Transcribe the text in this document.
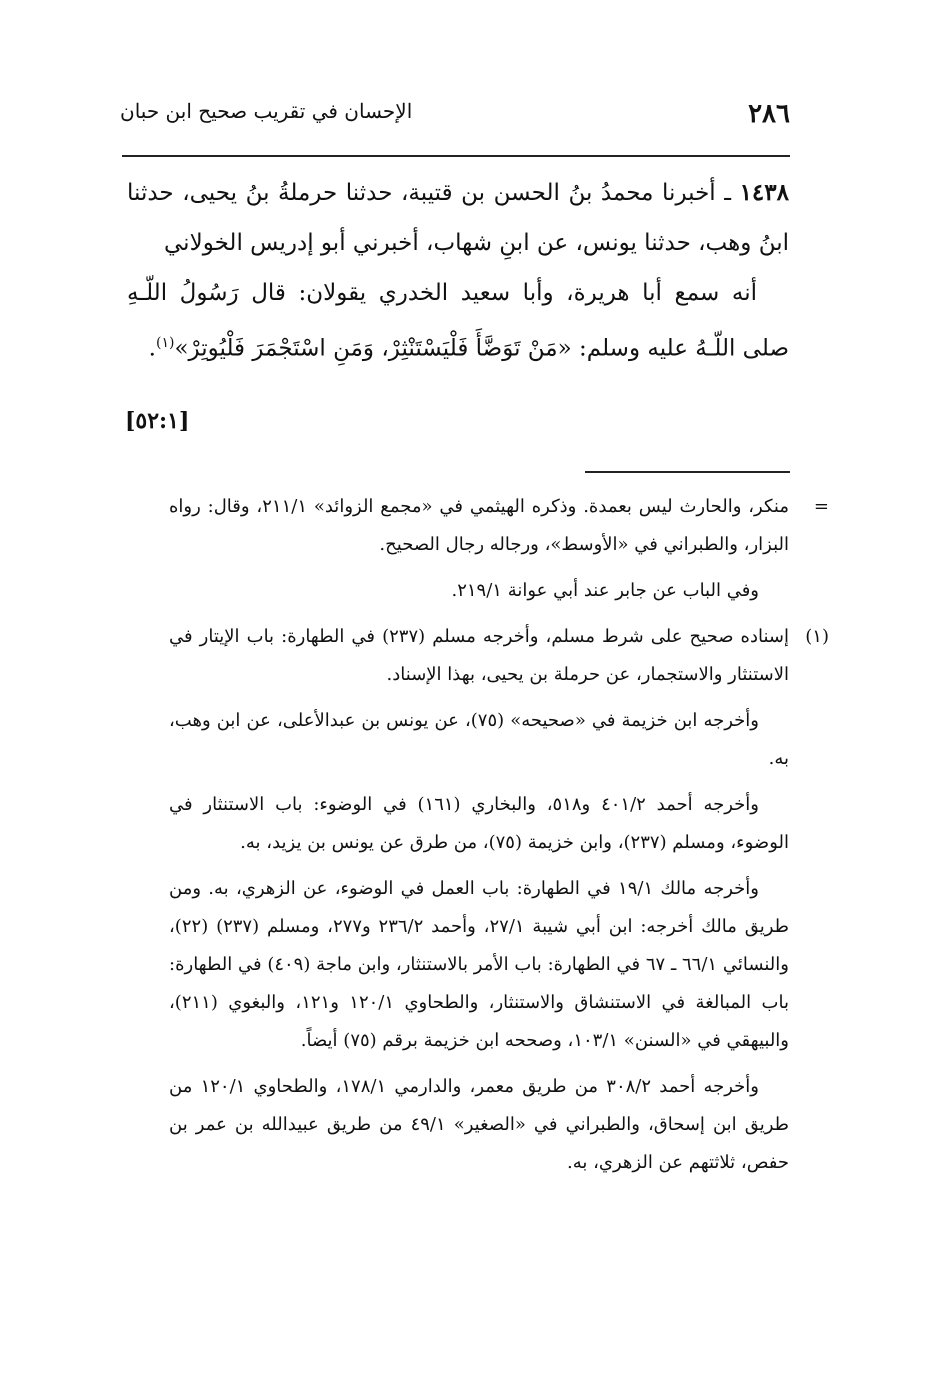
٢٨٦
الإحسان في تقريب صحيح ابن حبان

١٤٣٨ ـ أخبرنا محمدُ بنُ الحسن بن قتيبة، حدثنا حرملةُ بنُ يحيى، حدثنا ابنُ وهب، حدثنا يونس، عن ابنِ شهاب، أخبرني أبو إدريس الخولاني

أنه سمع أبا هريرة، وأبا سعيد الخدري يقولان: قال رَسُولُ اللّـهِ صلى اللّـهُ عليه وسلم: «مَنْ تَوَضَّأَ فَلْيَسْتَنْثِرْ، وَمَنِ اسْتَجْمَرَ فَلْيُوتِرْ»$^{(١)}$.

[٥٢:١]
=

منكر، والحارث ليس بعمدة. وذكره الهيثمي في «مجمع الزوائد» ٢١١/١، وقال: رواه البزار، والطبراني في «الأوسط»، ورجاله رجال الصحيح.

وفي الباب عن جابر عند أبي عوانة ٢١٩/١.

(١)

إسناده صحيح على شرط مسلم، وأخرجه مسلم (٢٣٧) في الطهارة: باب الإيتار في الاستنثار والاستجمار، عن حرملة بن يحيى، بهذا الإسناد.

وأخرجه ابن خزيمة في «صحيحه» (٧٥)، عن يونس بن عبدالأعلى، عن ابن وهب، به.

وأخرجه أحمد ٤٠١/٢ و٥١٨، والبخاري (١٦١) في الوضوء: باب الاستنثار في الوضوء، ومسلم (٢٣٧)، وابن خزيمة (٧٥)، من طرق عن يونس بن يزيد، به.

وأخرجه مالك ١٩/١ في الطهارة: باب العمل في الوضوء، عن الزهري، به. ومن طريق مالك أخرجه: ابن أبي شيبة ٢٧/١، وأحمد ٢٣٦/٢ و٢٧٧، ومسلم (٢٣٧) (٢٢)، والنسائي ٦٦/١ ـ ٦٧ في الطهارة: باب الأمر بالاستنثار، وابن ماجة (٤٠٩) في الطهارة: باب المبالغة في الاستنشاق والاستنثار، والطحاوي ١٢٠/١ و١٢١، والبغوي (٢١١)، والبيهقي في «السنن» ١٠٣/١، وصححه ابن خزيمة برقم (٧٥) أيضاً.

وأخرجه أحمد ٣٠٨/٢ من طريق معمر، والدارمي ١٧٨/١، والطحاوي ١٢٠/١ من طريق ابن إسحاق، والطبراني في «الصغير» ٤٩/١ من طريق عبيدالله بن عمر بن حفص، ثلاثتهم عن الزهري، به.
